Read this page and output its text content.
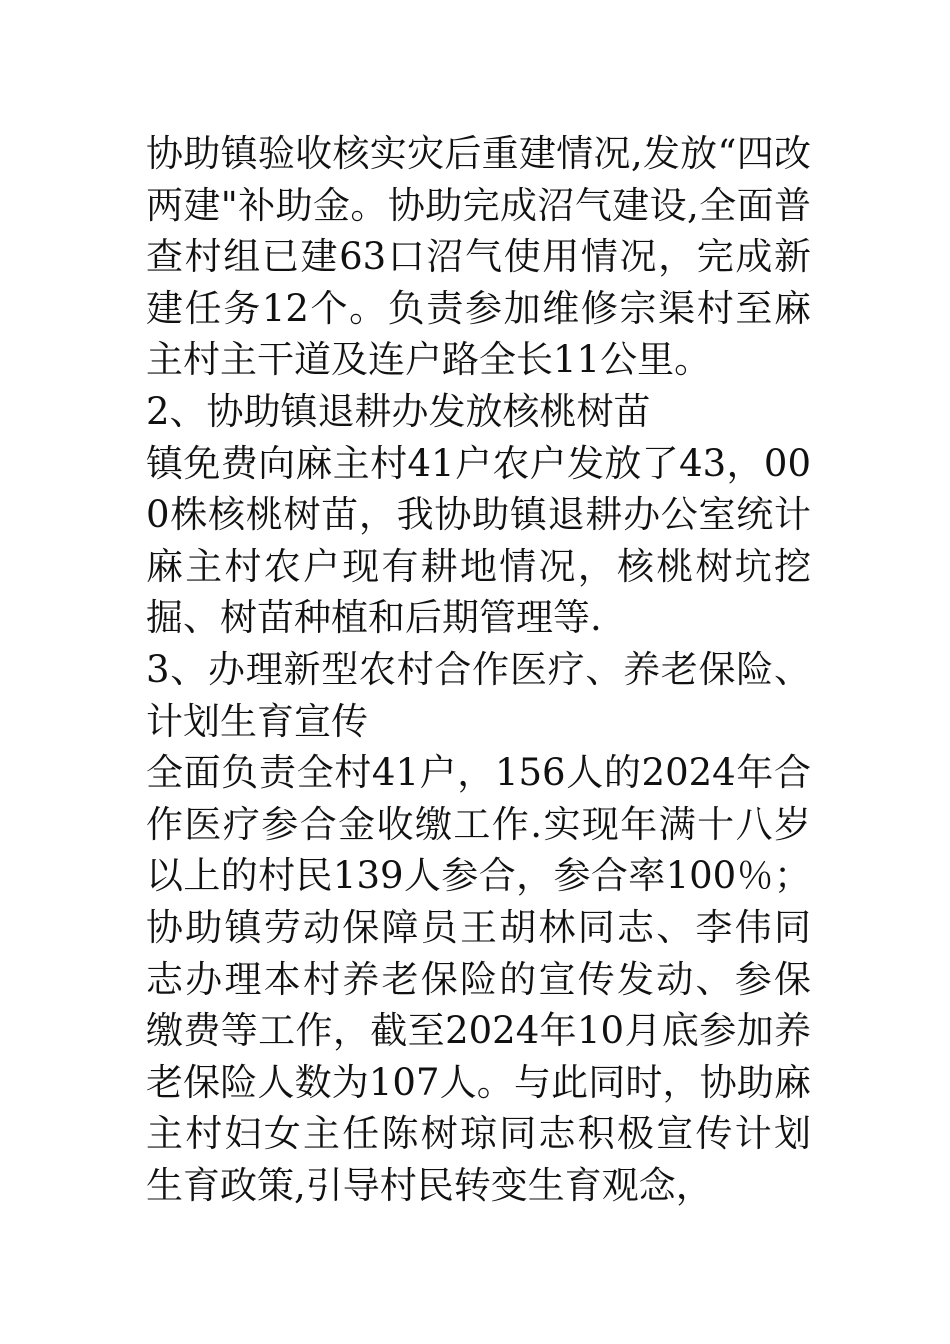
协助镇验收核实灾后重建情况,发放“四改两建"补助金。协助完成沼气建设,全面普查村组已建63口沼气使用情况，完成新建任务12个。负责参加维修宗渠村至麻主村主干道及连户路全长11公里。

2、协助镇退耕办发放核桃树苗

镇免费向麻主村41户农户发放了43，000株核桃树苗，我协助镇退耕办公室统计麻主村农户现有耕地情况，核桃树坑挖掘、树苗种植和后期管理等.

3、办理新型农村合作医疗、养老保险、计划生育宣传

全面负责全村41户，156人的2024年合作医疗参合金收缴工作.实现年满十八岁以上的村民139人参合，参合率100％；协助镇劳动保障员王胡林同志、李伟同志办理本村养老保险的宣传发动、参保缴费等工作，截至2024年10月底参加养老保险人数为107人。与此同时，协助麻主村妇女主任陈树琼同志积极宣传计划生育政策,引导村民转变生育观念，
